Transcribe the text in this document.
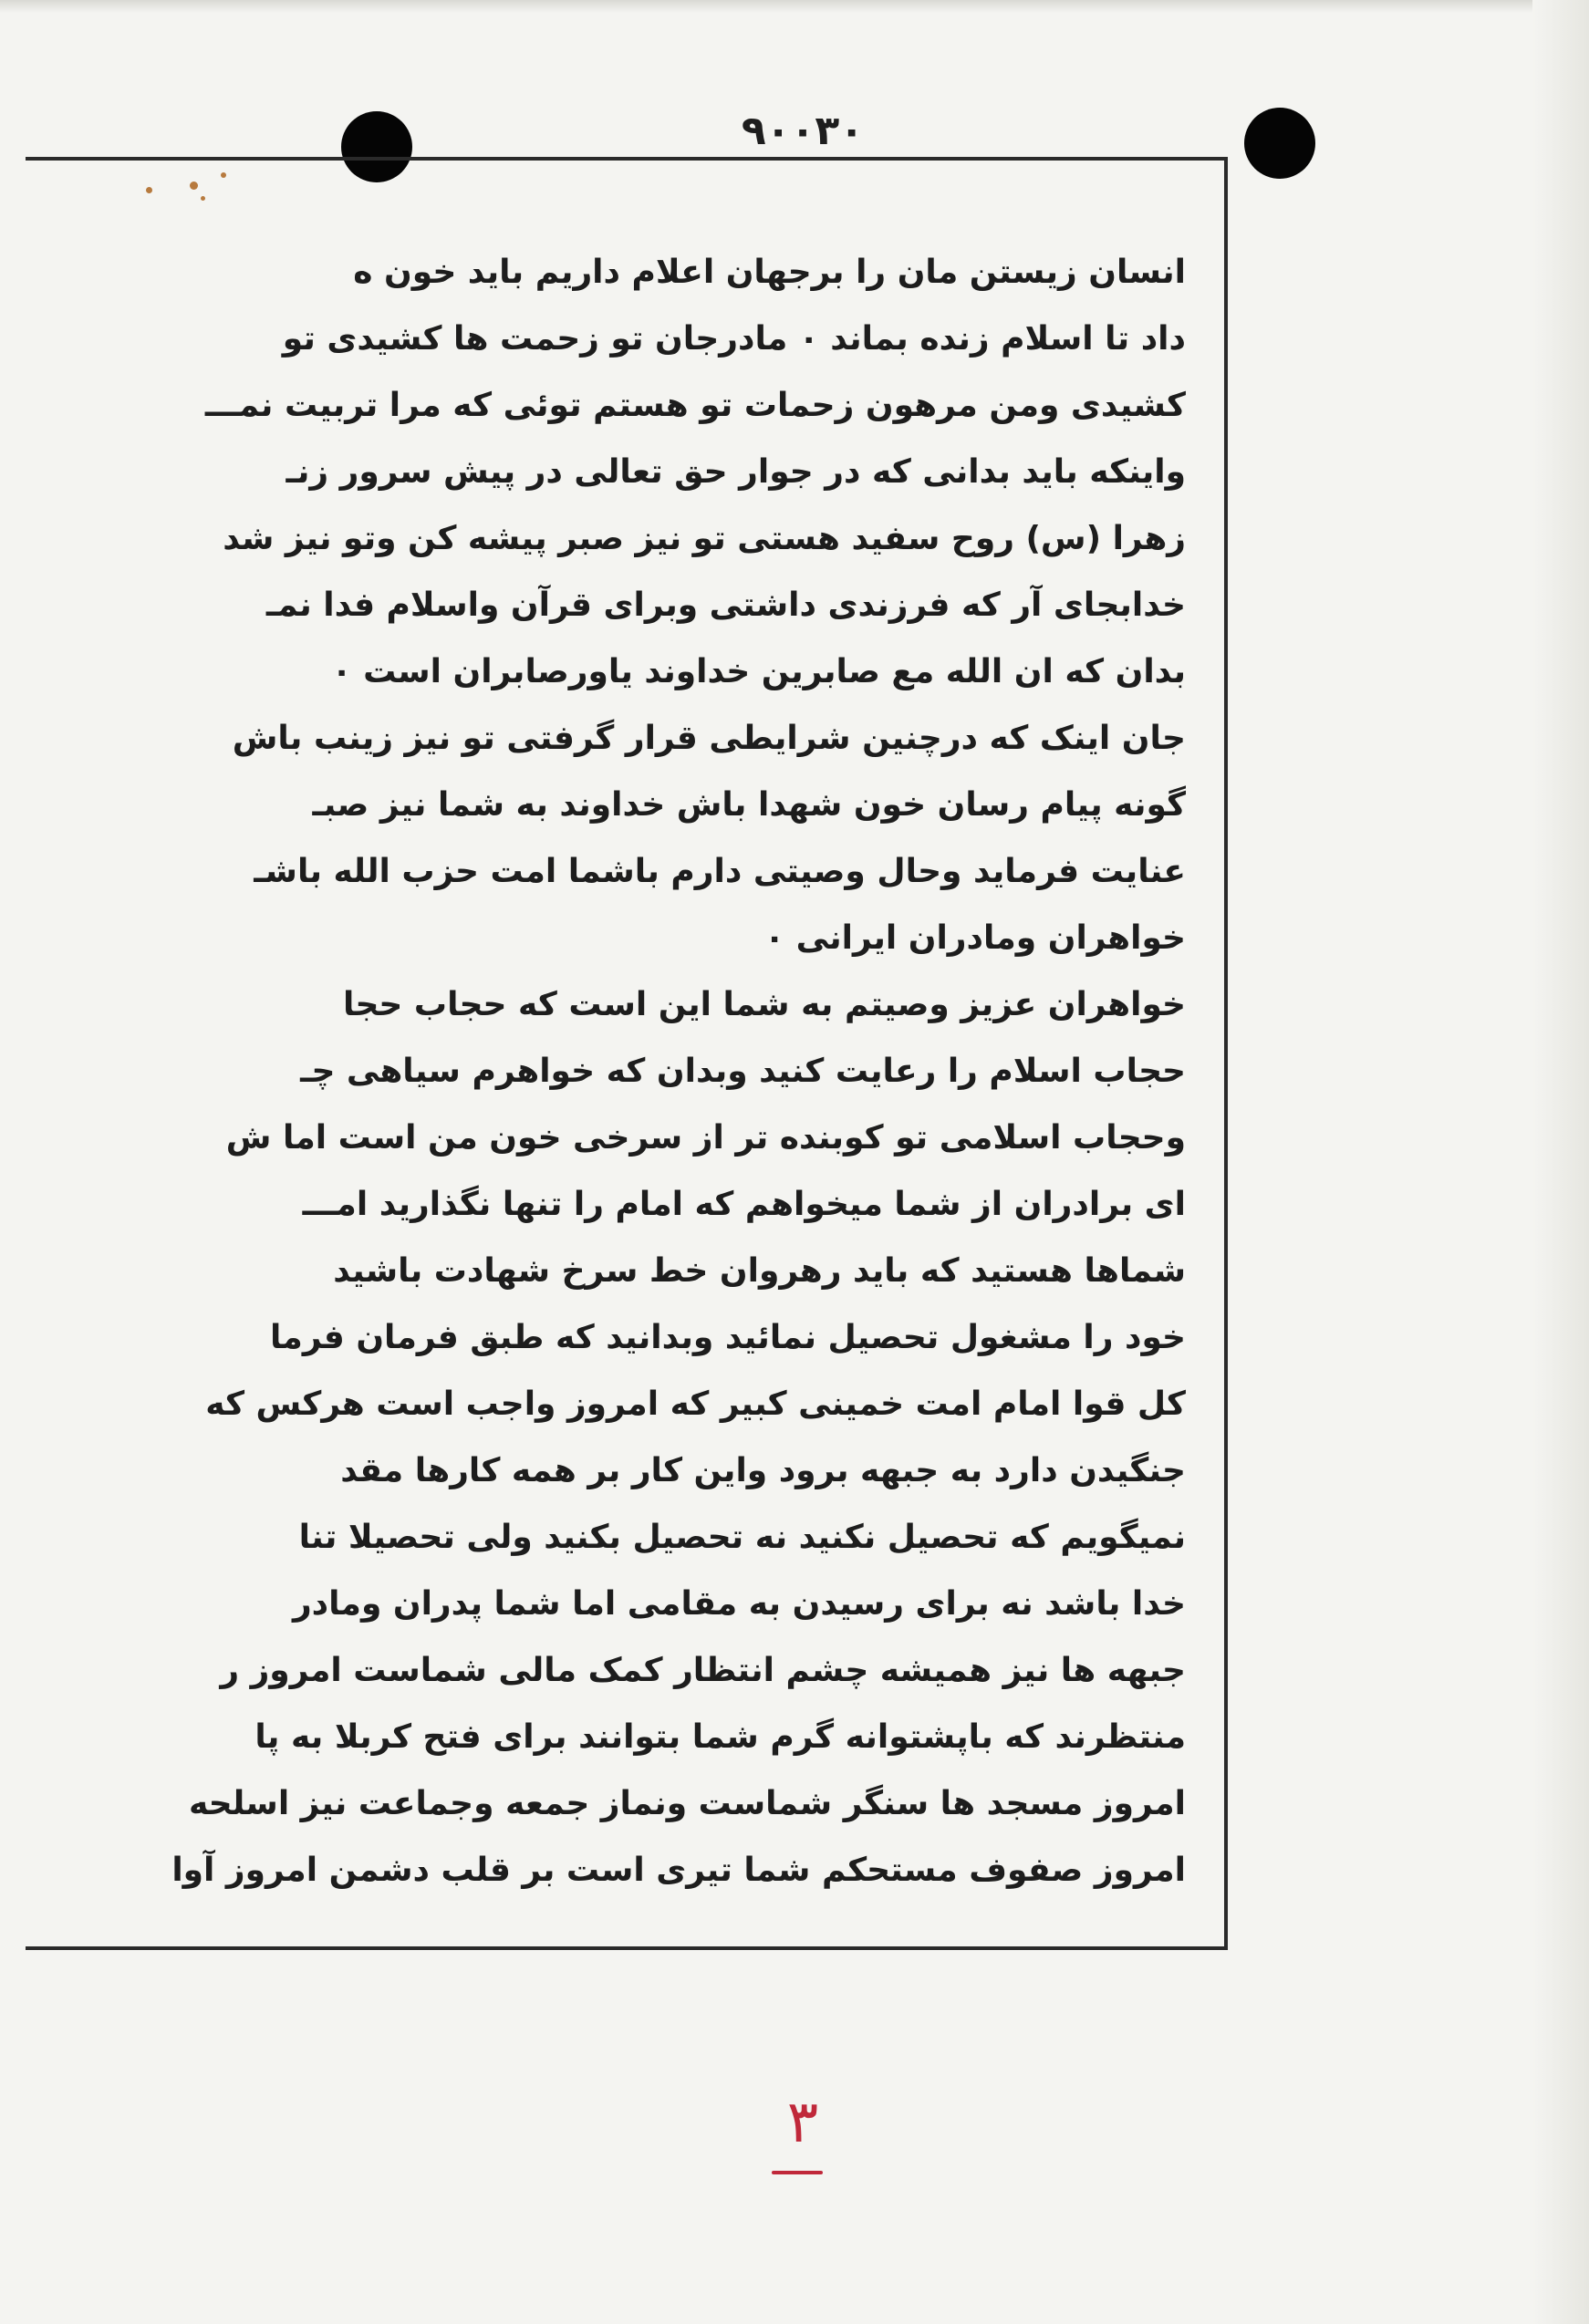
۹۰۰۳۰
انسان زیستن مان را برجهان اعلام داریم باید خون ه
داد تا اسلام زنده بماند ۰ مادرجان تو زحمت ها کشیدی تو
کشیدی ومن مرهون زحمات تو هستم توئی که مرا تربیت نمـــ
واینکه باید بدانی که در جوار حق تعالی در پیش سرور زنـ
زهرا (س) روح سفید هستی تو نیز صبر پیشه کن وتو نیز شد
خدابجای آر که فرزندی داشتی وبرای قرآن واسلام فدا نمـ
بدان که ان الله مع صابرین خداوند یاورصابران است ۰
جان اینک که درچنین شرایطی قرار گرفتی تو نیز زینب باش
گونه پیام رسان خون شهدا باش خداوند به شما نیز صبـ
عنایت فرماید وحال وصیتی دارم باشما امت حزب الله باشـ
خواهران ومادران ایرانی ۰
خواهران عزیز وصیتم به شما این است که حجاب حجا
حجاب اسلام را رعایت کنید وبدان که خواهرم سیاهی چـ
وحجاب اسلامی تو کوبنده تر از سرخی خون من است اما ش
ای برادران از شما میخواهم که امام را تنها نگذارید امـــ
شماها هستید که باید رهروان خط سرخ شهادت باشید
خود را مشغول تحصیل نمائید وبدانید که طبق فرمان فرما
کل قوا امام امت خمینی کبیر که امروز واجب است هرکس که
جنگیدن دارد به جبهه برود واین کار بر همه کارها مقد
نمیگویم که تحصیل نکنید نه تحصیل بکنید ولی تحصیلا تنا
خدا باشد نه برای رسیدن به مقامی اما شما پدران ومادر
جبهه ها نیز همیشه چشم انتظار کمک مالی شماست امروز ر
منتظرند که باپشتوانه گرم شما بتوانند برای فتح کربلا به پا
امروز مسجد ها سنگر شماست ونماز جمعه وجماعت نیز اسلحه
امروز صفوف مستحکم شما تیری است بر قلب دشمن امروز آوا
۳
